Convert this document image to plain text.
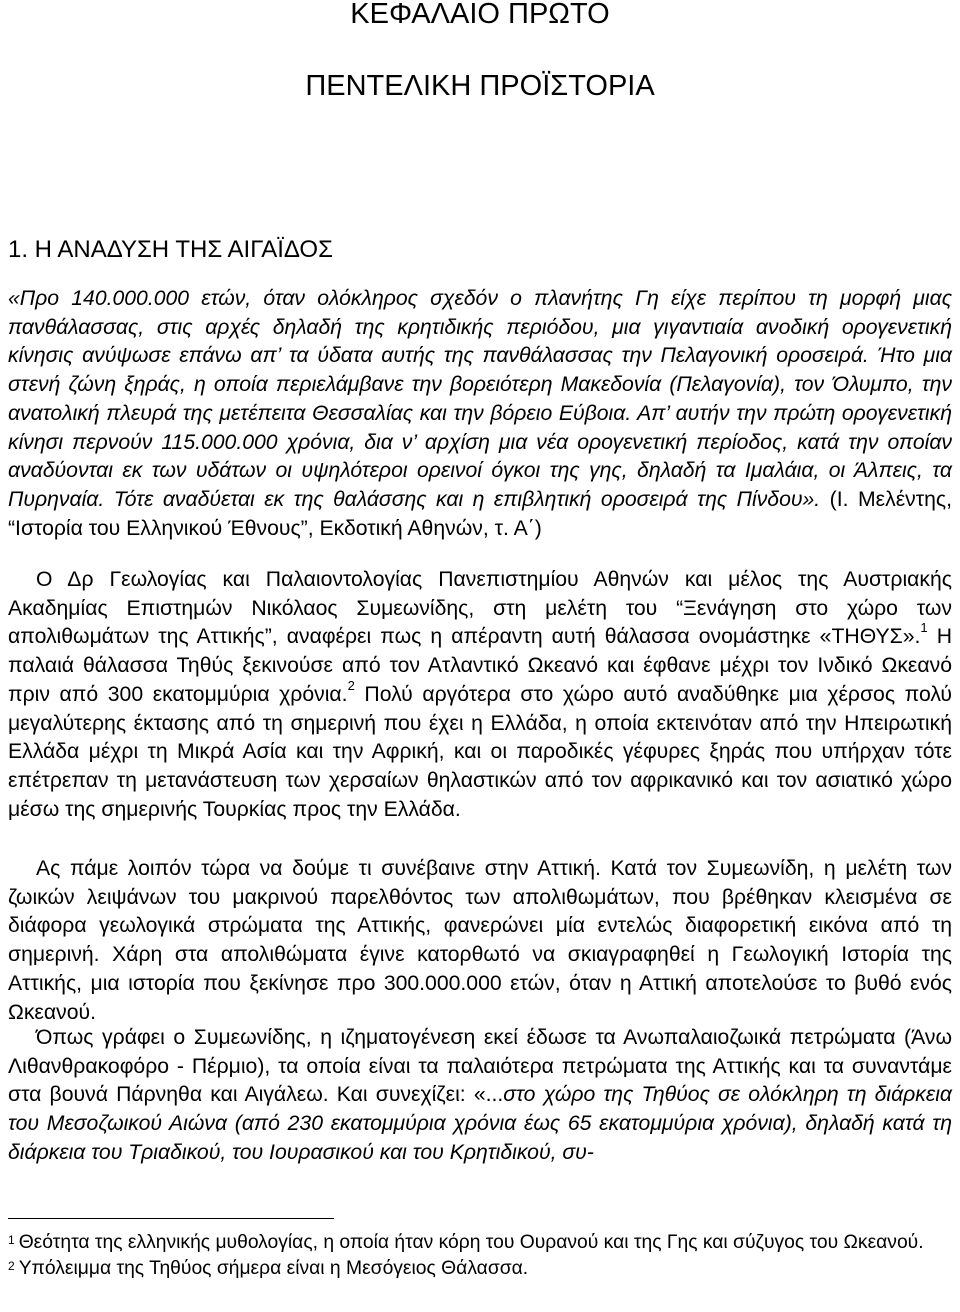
ΚΕΦΑΛΑΙΟ ΠΡΩΤΟ
ΠΕΝΤΕΛΙΚΗ ΠΡΟΪΣΤΟΡΙΑ
1. Η ΑΝΑΔΥΣΗ ΤΗΣ ΑΙΓΑΪΔΟΣ

«Προ 140.000.000 ετών, όταν ολόκληρος σχεδόν ο πλανήτης Γη είχε περίπου τη μορφή μιας πανθάλασσας, στις αρχές δηλαδή της κρητιδικής περιόδου, μια γιγαντιαία ανοδική ορογενετική κίνησις ανύψωσε επάνω απ’ τα ύδατα αυτής της πανθάλασσας την Πελαγονική οροσειρά. Ήτο μια στενή ζώνη ξηράς, η οποία περιελάμβανε την βορειότερη Μακεδονία (Πελαγονία), τον Όλυμπο, την ανατολική πλευρά της μετέπειτα Θεσσαλίας και την βόρειο Εύβοια. Απ’ αυτήν την πρώτη ορογενετική κίνησι περνούν 115.000.000 χρόνια, δια ν’ αρχίση μια νέα ορογενετική περίοδος, κατά την οποίαν αναδύονται εκ των υδάτων οι υψηλότεροι ορεινοί όγκοι της γης, δηλαδή τα Ιμαλάια, οι Άλπεις, τα Πυρηναία. Τότε αναδύεται εκ της θαλάσσης και η επιβλητική οροσειρά της Πίνδου». (Ι. Μελέντης, “Ιστορία του Ελληνικού Έθνους”, Εκδοτική Αθηνών, τ. Α΄)

Ο Δρ Γεωλογίας και Παλαιοντολογίας Πανεπιστημίου Αθηνών και μέλος της Αυστριακής Ακαδημίας Επιστημών Νικόλαος Συμεωνίδης, στη μελέτη του “Ξενάγηση στο χώρο των απολιθωμάτων της Αττικής”, αναφέρει πως η απέραντη αυτή θάλασσα ονομάστηκε «ΤΗΘΥΣ».$^1$ Η παλαιά θάλασσα Τηθύς ξεκινούσε από τον Ατλαντικό Ωκεανό και έφθανε μέχρι τον Ινδικό Ωκεανό πριν από 300 εκατομμύρια χρόνια.$^2$ Πολύ αργότερα στο χώρο αυτό αναδύθηκε μια χέρσος πολύ μεγαλύτερης έκτασης από τη σημερινή που έχει η Ελλάδα, η οποία εκτεινόταν από την Ηπειρωτική Ελλάδα μέχρι τη Μικρά Ασία και την Αφρική, και οι παροδικές γέφυρες ξηράς που υπήρχαν τότε επέτρεπαν τη μετανάστευση των χερσαίων θηλαστικών από τον αφρικανικό και τον ασιατικό χώρο μέσω της σημερινής Τουρκίας προς την Ελλάδα.

Ας πάμε λοιπόν τώρα να δούμε τι συνέβαινε στην Αττική. Κατά τον Συμεωνίδη, η μελέτη των ζωικών λειψάνων του μακρινού παρελθόντος των απολιθωμάτων, που βρέθηκαν κλεισμένα σε διάφορα γεωλογικά στρώματα της Αττικής, φανερώνει μία εντελώς διαφορετική εικόνα από τη σημερινή. Χάρη στα απολιθώματα έγινε κατορθωτό να σκιαγραφηθεί η Γεωλογική Ιστορία της Αττικής, μια ιστορία που ξεκίνησε προ 300.000.000 ετών, όταν η Αττική αποτελούσε το βυθό ενός Ωκεανού.

Όπως γράφει ο Συμεωνίδης, η ιζηματογένεση εκεί έδωσε τα Ανωπαλαιοζωικά πετρώματα (Άνω Λιθανθρακοφόρο - Πέρμιο), τα οποία είναι τα παλαιότερα πετρώματα της Αττικής και τα συναντάμε στα βουνά Πάρνηθα και Αιγάλεω. Και συνεχίζει: «...στο χώρο της Τηθύος σε ολόκληρη τη διάρκεια του Μεσοζωικού Αιώνα (από 230 εκατομμύρια χρόνια έως 65 εκατομμύρια χρόνια), δηλαδή κατά τη διάρκεια του Τριαδικού, του Ιουρασικού και του Κρητιδικού, συ-

$^1$ Θεότητα της ελληνικής μυθολογίας, η οποία ήταν κόρη του Ουρανού και της Γης και σύζυγος του Ωκεανού.

$^2$ Υπόλειμμα της Τηθύος σήμερα είναι η Μεσόγειος Θάλασσα.
